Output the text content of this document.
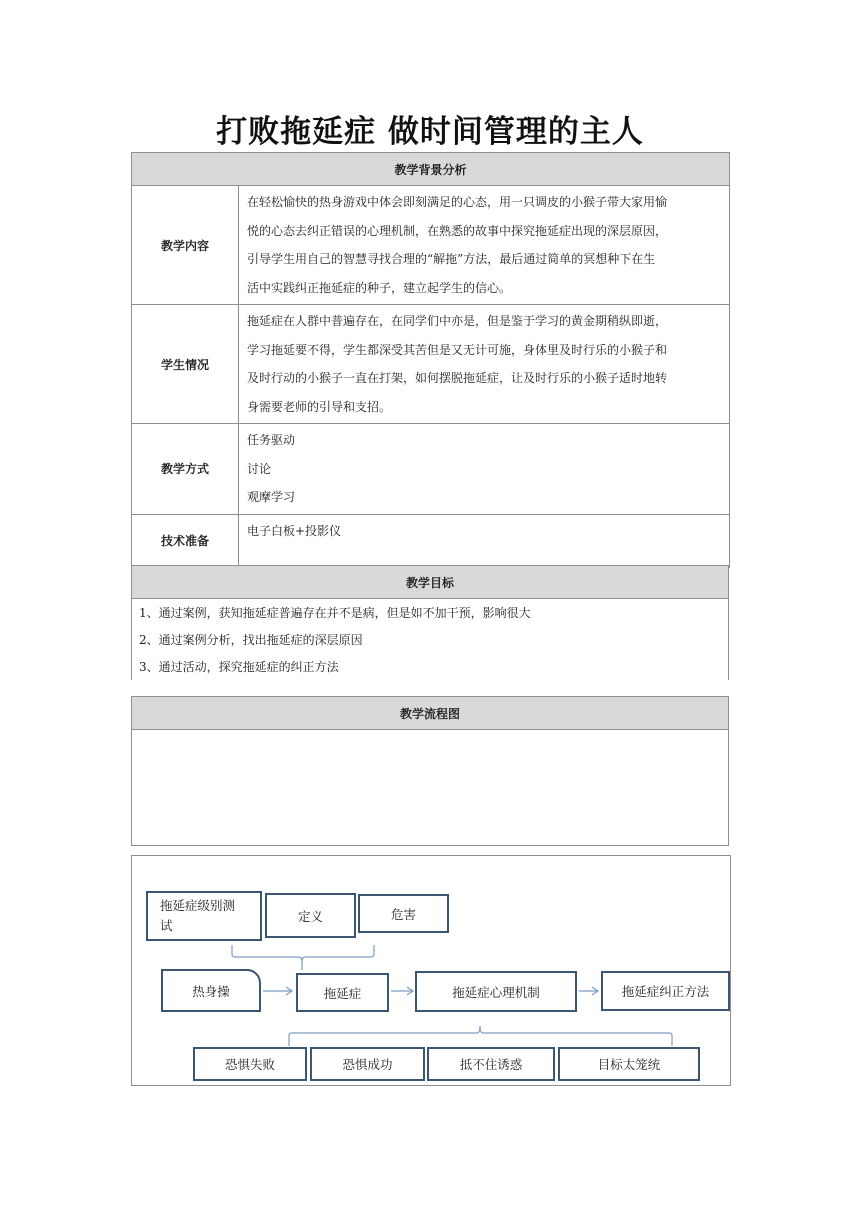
打败拖延症 做时间管理的主人
教学背景分析	
教学内容	在轻松愉快的热身游戏中体会即刻满足的心态，用一只调皮的小猴子带大家用愉
悦的心态去纠正错误的心理机制，在熟悉的故事中探究拖延症出现的深层原因，
引导学生用自己的智慧寻找合理的“解拖”方法，最后通过简单的冥想种下在生
活中实践纠正拖延症的种子，建立起学生的信心。

学生情况	拖延症在人群中普遍存在，在同学们中亦是，但是鉴于学习的黄金期稍纵即逝，
学习拖延要不得，学生都深受其苦但是又无计可施，身体里及时行乐的小猴子和
及时行动的小猴子一直在打架，如何摆脱拖延症，让及时行乐的小猴子适时地转
身需要老师的引导和支招。

教学方式	任务驱动
讨论
观摩学习

技术准备	电子白板+投影仪
教学目标
1、通过案例，获知拖延症普遍存在并不是病，但是如不加干预，影响很大
2、通过案例分析，找出拖延症的深层原因
3、通过活动，探究拖延症的纠正方法
教学流程图

拖延症级别测试
定义	危害
热身操	拖延症	拖延症心理机制	拖延症纠正方法
恐惧失败	恐惧成功	抵不住诱惑	目标太笼统
